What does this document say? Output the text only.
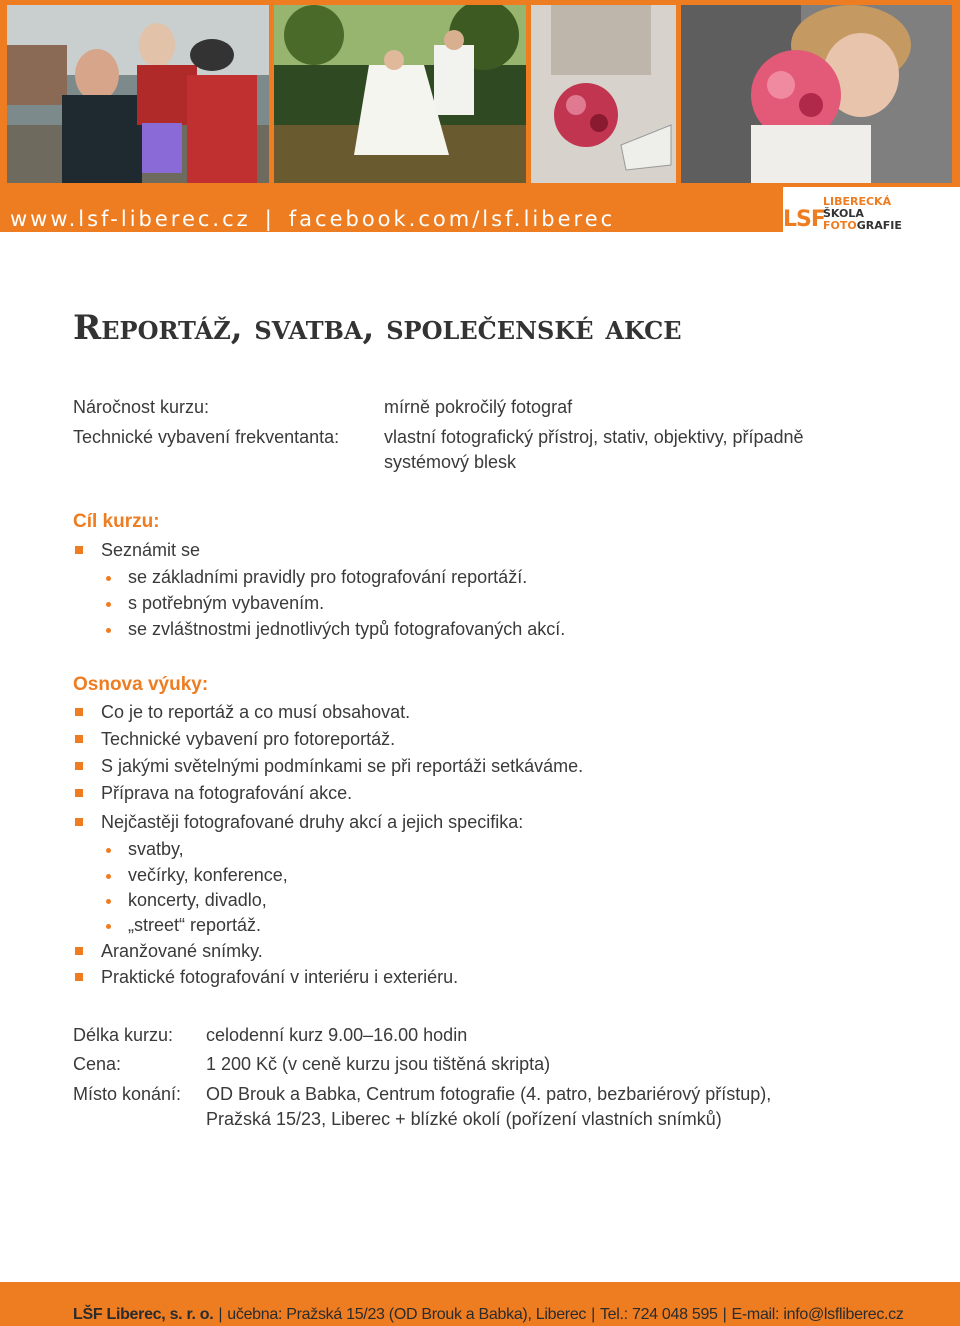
www.lsf-liberec.cz | facebook.com/lsf.liberec	LSF
LIBERECKÁ
ŠKOLA
FOTOGRAFIE
Reportáž, svatba, společenské akce
Náročnost kurzu:	mírně pokročilý fotograf
Technické vybavení frekventanta: vlastní fotografický přístroj, stativ, objektivy, případně
systémový blesk
Cíl kurzu:
Seznámit se
se základními pravidly pro fotografování reportáží.
s potřebným vybavením.
se zvláštnostmi jednotlivých typů fotografovaných akcí.
Osnova výuky:
Co je to reportáž a co musí obsahovat.
Technické vybavení pro fotoreportáž.
S jakými světelnými podmínkami se při reportáži setkáváme.
Příprava na fotografování akce.
Nejčastěji fotografované druhy akcí a jejich specifika:
svatby,
večírky, konference,
koncerty, divadlo,
„street“ reportáž.
Aranžované snímky.
Praktické fotografování v interiéru i exteriéru.
Délka kurzu: celodenní kurz 9.00–16.00 hodin
Cena:	1 200 Kč (v ceně kurzu jsou tištěná skripta)
Místo konání: OD Brouk a Babka, Centrum fotografie (4. patro, bezbariérový přístup),
Pražská 15/23, Liberec + blízké okolí (pořízení vlastních snímků)
LŠF Liberec, s. r. o. | učebna: Pražská 15/23 (OD Brouk a Babka), Liberec | Tel.: 724 048 595 | E-mail: info@lsfliberec.cz
